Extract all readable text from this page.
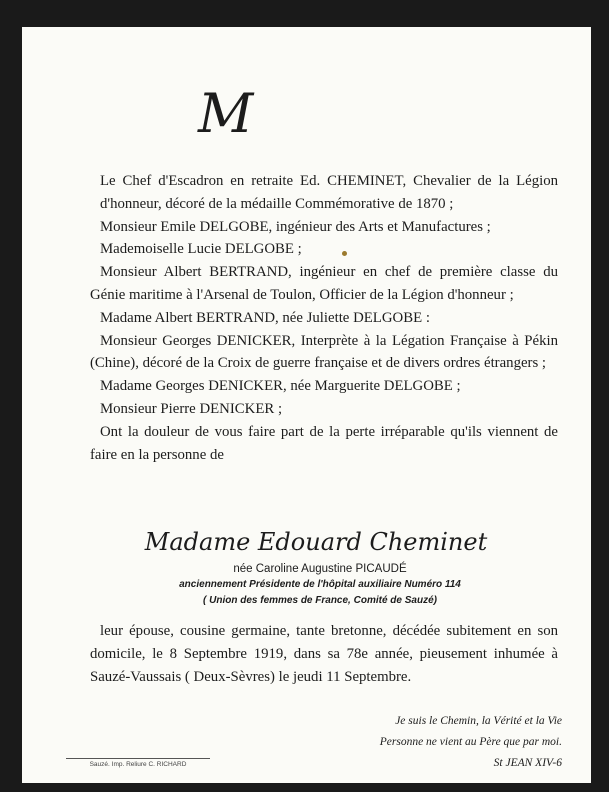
M

Le Chef d'Escadron en retraite Ed. CHEMINET, Chevalier de la Légion d'honneur, décoré de la médaille Commémorative de 1870 ;

Monsieur Emile DELGOBE, ingénieur des Arts et Manufactures ;

Mademoiselle Lucie DELGOBE ;

Monsieur Albert BERTRAND, ingénieur en chef de première classe du Génie maritime à l'Arsenal de Toulon, Officier de la Légion d'honneur ;

Madame Albert BERTRAND, née Juliette DELGOBE :

Monsieur Georges DENICKER, Interprète à la Légation Française à Pékin (Chine), décoré de la Croix de guerre française et de divers ordres étrangers ;

Madame Georges DENICKER, née Marguerite DELGOBE ;

Monsieur Pierre DENICKER ;

Ont la douleur de vous faire part de la perte irréparable qu'ils viennent de faire en la personne de

Madame Edouard Cheminet
née Caroline Augustine PICAUDÉ
anciennement Présidente de l'hôpital auxiliaire Numéro 114
( Union des femmes de France, Comité de Sauzé)

leur épouse, cousine germaine, tante bretonne, décédée subitement en son domicile, le 8 Septembre 1919, dans sa 78e année, pieusement inhumée à Sauzé-Vaussais ( Deux-Sèvres) le jeudi 11 Septembre.

Je suis le Chemin, la Vérité et la Vie
Personne ne vient au Père que par moi.
St JEAN XIV-6
Sauzé. Imp. Reliure C. RICHARD
